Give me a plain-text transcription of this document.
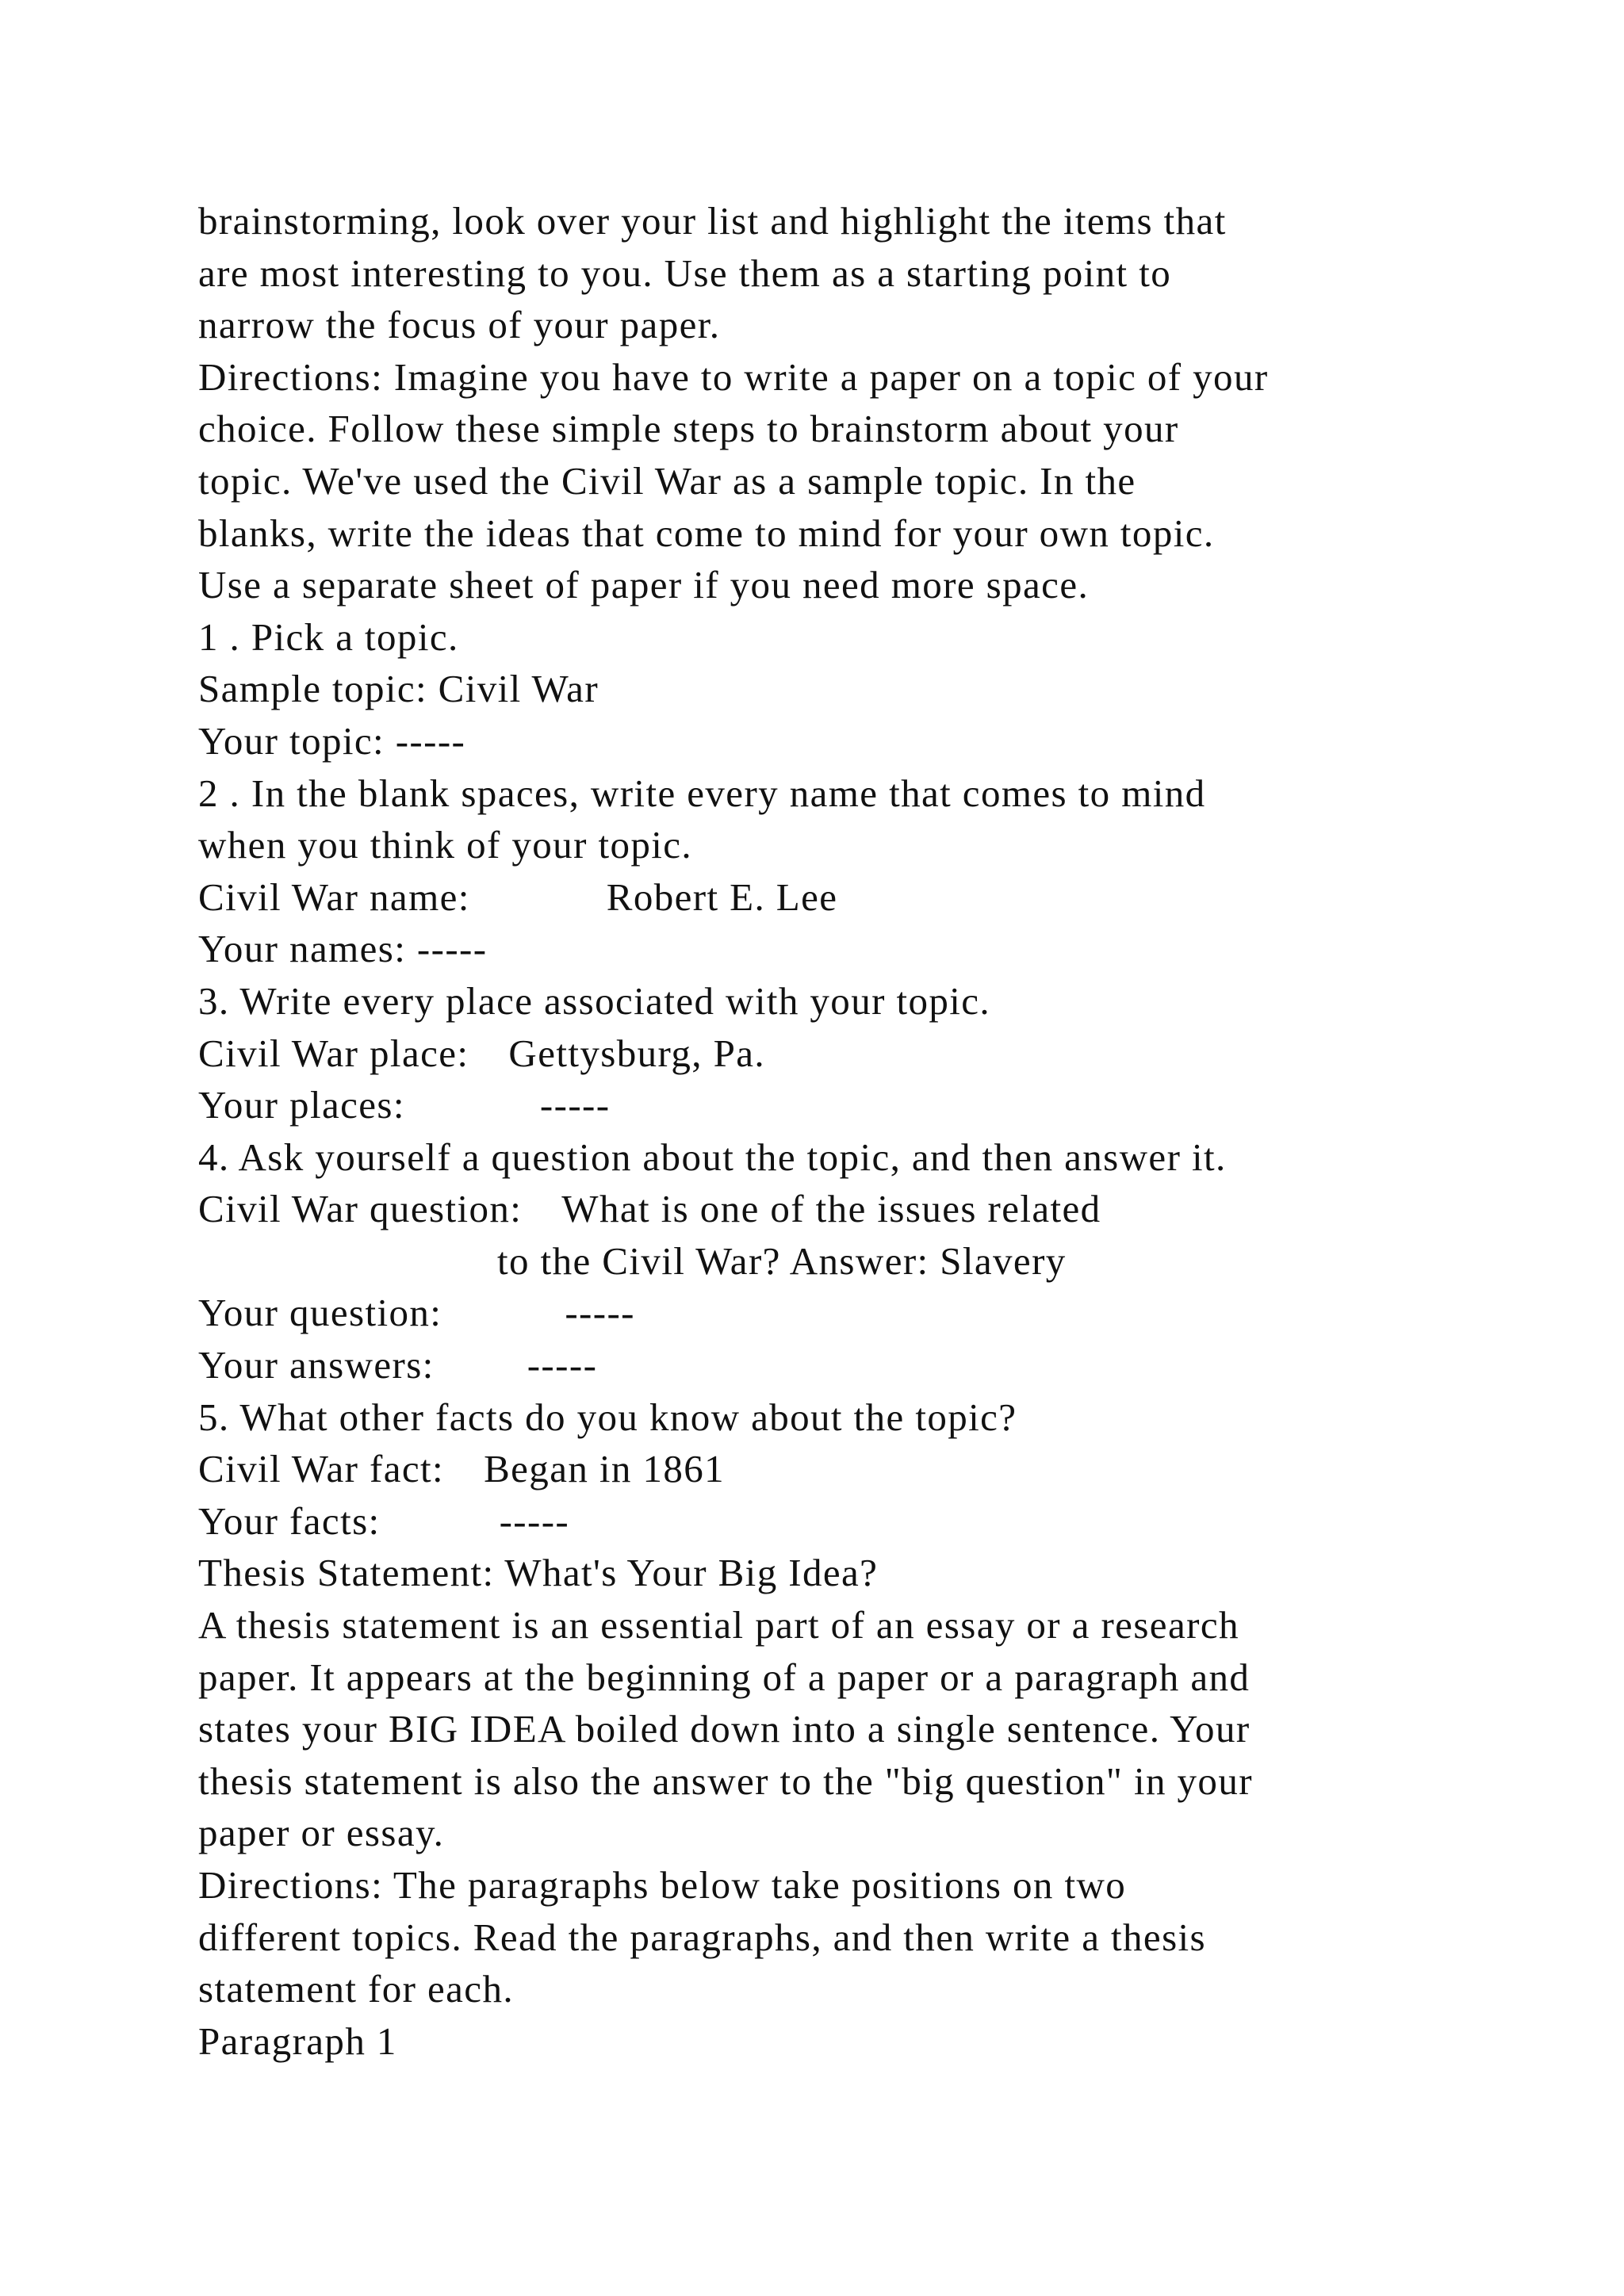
brainstorming, look over your list and highlight the items that
are most interesting to you. Use them as a starting point to
narrow the focus of your paper.
Directions: Imagine you have to write a paper on a topic of your
choice. Follow these simple steps to brainstorm about your
topic. We've used the Civil War as a sample topic. In the
blanks, write the ideas that come to mind for your own topic.
Use a separate sheet of paper if you need more space.
1 . Pick a topic.
Sample topic: Civil War
Your topic: -----
2 . In the blank spaces, write every name that comes to mind
when you think of your topic.
Civil War name:	Robert E. Lee
Your names: -----
3. Write every place associated with your topic.
Civil War place: Gettysburg, Pa.
Your places:	-----
4. Ask yourself a question about the topic, and then answer it.
Civil War question: What is one of the issues related
to the Civil War? Answer: Slavery
Your question:	-----
Your answers: -----
5. What other facts do you know about the topic?
Civil War fact: Began in 1861
Your facts:	-----
Thesis Statement: What's Your Big Idea?
A thesis statement is an essential part of an essay or a research
paper. It appears at the beginning of a paper or a paragraph and
states your BIG IDEA boiled down into a single sentence. Your
thesis statement is also the answer to the "big question" in your
paper or essay.
Directions: The paragraphs below take positions on two
different topics. Read the paragraphs, and then write a thesis
statement for each.
Paragraph 1
